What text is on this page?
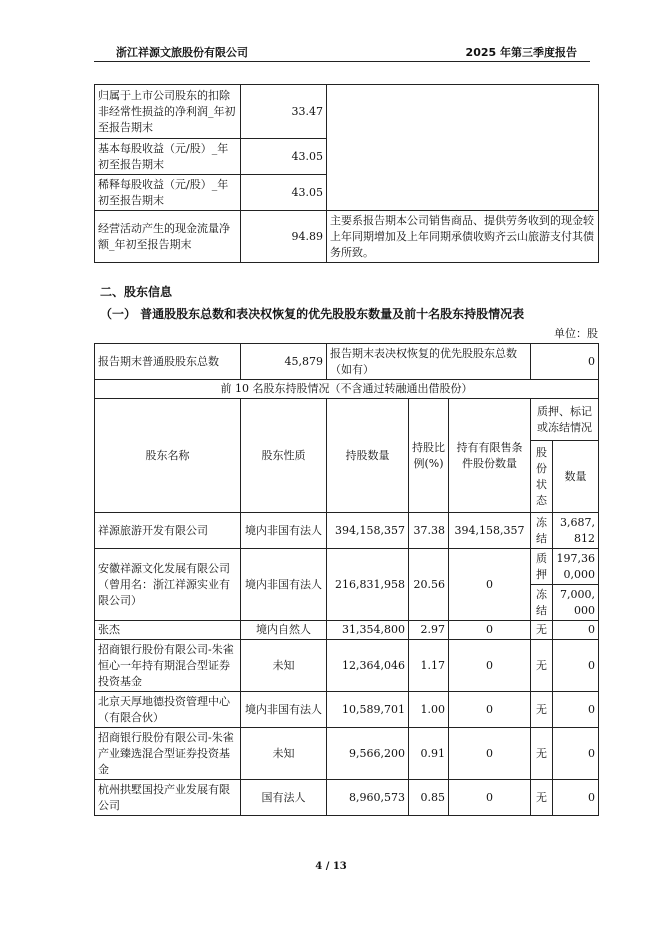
浙江祥源文旅股份有限公司	2025 年第三季度报告
归属于上市公司股东的扣除非经常性损益的净利润_年初至报告期末	33.47	
基本每股收益（元/股）_年初至报告期末	43.05	
稀释每股收益（元/股）_年初至报告期末	43.05	
经营活动产生的现金流量净额_年初至报告期末	94.89	主要系报告期本公司销售商品、提供劳务收到的现金较上年同期增加及上年同期承债收购齐云山旅游支付其债务所致。
二、股东信息
（一） 普通股股东总数和表决权恢复的优先股股东数量及前十名股东持股情况表
单位：股
报告期末普通股股东总数	45,879	报告期末表决权恢复的优先股股东总数（如有）			0	
前 10 名股东持股情况（不含通过转融通出借股份）						
股东名称	股东性质	持股数量	持股比例(%)	持有有限售条件股份数量	质押、标记或冻结情况	
					股份状态	数量
祥源旅游开发有限公司	境内非国有法人	394,158,357	37.38	394,158,357	冻结	3,687,812
安徽祥源文化发展有限公司（曾用名：浙江祥源实业有限公司）	境内非国有法人	216,831,958	20.56	0	质押	197,360,000
					冻结	7,000,000
张杰	境内自然人	31,354,800	2.97	0	无	0
招商银行股份有限公司-朱雀恒心一年持有期混合型证券投资基金	未知	12,364,046	1.17	0	无	0
北京天厚地德投资管理中心（有限合伙）	境内非国有法人	10,589,701	1.00	0	无	0
招商银行股份有限公司-朱雀产业臻选混合型证券投资基金	未知	9,566,200	0.91	0	无	0
杭州拱墅国投产业发展有限公司	国有法人	8,960,573	0.85	0	无	0
4 / 13
